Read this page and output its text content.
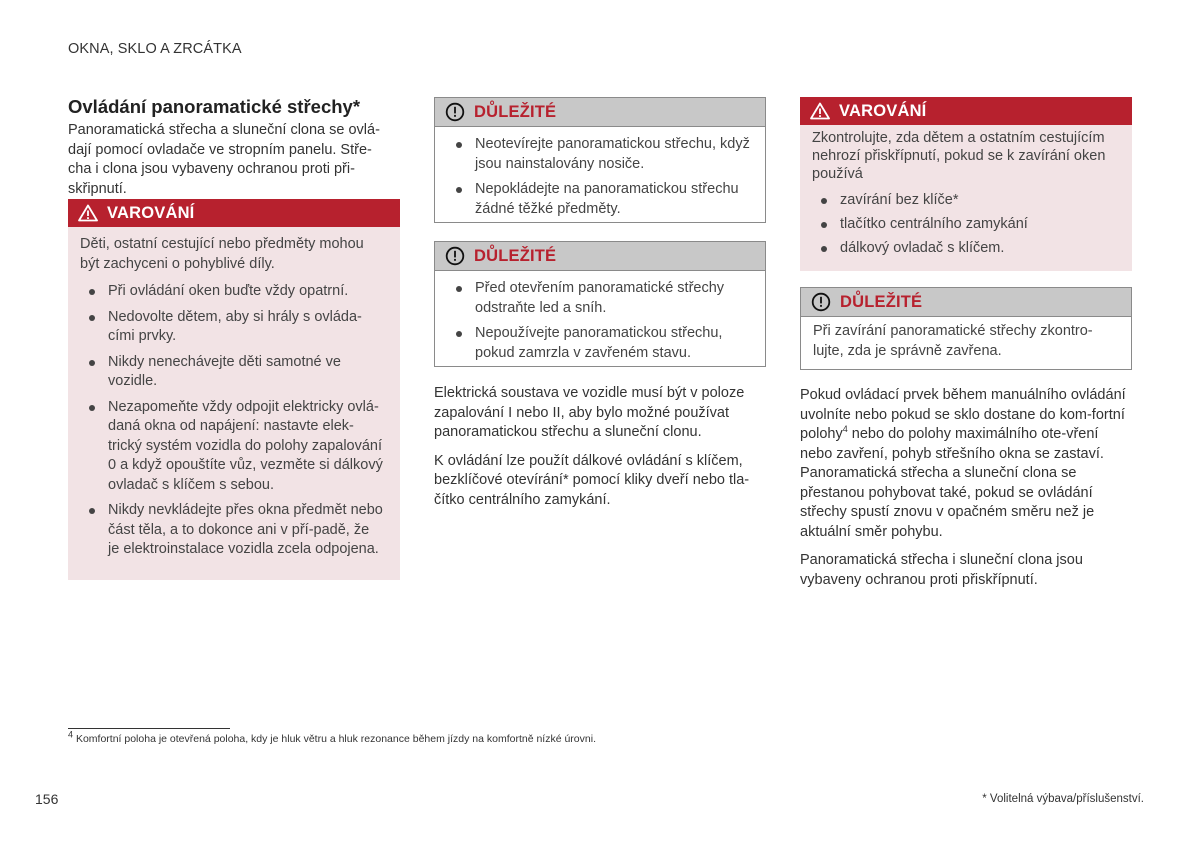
OKNA, SKLO A ZRCÁTKA
Ovládání panoramatické střechy*
Panoramatická střecha a sluneční clona se ovlá-
dají pomocí ovladače ve stropním panelu. Stře-
cha i clona jsou vybaveny ochranou proti při-
skřipnutí.
VAROVÁNÍ
Děti, ostatní cestující nebo předměty mohou být zachyceni o pohyblivé díly.
Při ovládání oken buďte vždy opatrní.
Nedovolte dětem, aby si hrály s ovláda-cími prvky.
Nikdy nenechávejte děti samotné ve vozidle.
Nezapomeňte vždy odpojit elektricky ovlá-daná okna od napájení: nastavte elek-trický systém vozidla do polohy zapalování 0 a když opouštíte vůz, vezměte si dálkový ovladač s klíčem s sebou.
Nikdy nevkládejte přes okna předmět nebo část těla, a to dokonce ani v pří-padě, že je elektroinstalace vozidla zcela odpojena.
DŮLEŽITÉ
Neotevírejte panoramatickou střechu, když jsou nainstalovány nosiče.
Nepokládejte na panoramatickou střechu žádné těžké předměty.
DŮLEŽITÉ
Před otevřením panoramatické střechy odstraňte led a sníh.
Nepoužívejte panoramatickou střechu, pokud zamrzla v zavřeném stavu.

Elektrická soustava ve vozidle musí být v poloze zapalování I nebo II, aby bylo možné používat panoramatickou střechu a sluneční clonu.

K ovládání lze použít dálkové ovládání s klíčem, bezklíčové otevírání* pomocí kliky dveří nebo tla-čítko centrálního zamykání.

VAROVÁNÍ
Zkontrolujte, zda dětem a ostatním cestujícím nehrozí přiskřípnutí, pokud se k zavírání oken používá
zavírání bez klíče*
tlačítko centrálního zamykání
dálkový ovladač s klíčem.
DŮLEŽITÉ
Při zavírání panoramatické střechy zkontro-lujte, zda je správně zavřena.

Pokud ovládací prvek během manuálního ovládání uvolníte nebo pokud se sklo dostane do kom-fortní polohy$^4$ nebo do polohy maximálního ote-vření nebo zavření, pohyb střešního okna se zastaví. Panoramatická střecha a sluneční clona se přestanou pohybovat také, pokud se ovládání střechy spustí znovu v opačném směru než je aktuální směr pohybu.

Panoramatická střecha i sluneční clona jsou vybaveny ochranou proti přiskřípnutí.

$^4$ Komfortní poloha je otevřená poloha, kdy je hluk větru a hluk rezonance během jízdy na komfortně nízké úrovni.
156	* Volitelná výbava/příslušenství.
